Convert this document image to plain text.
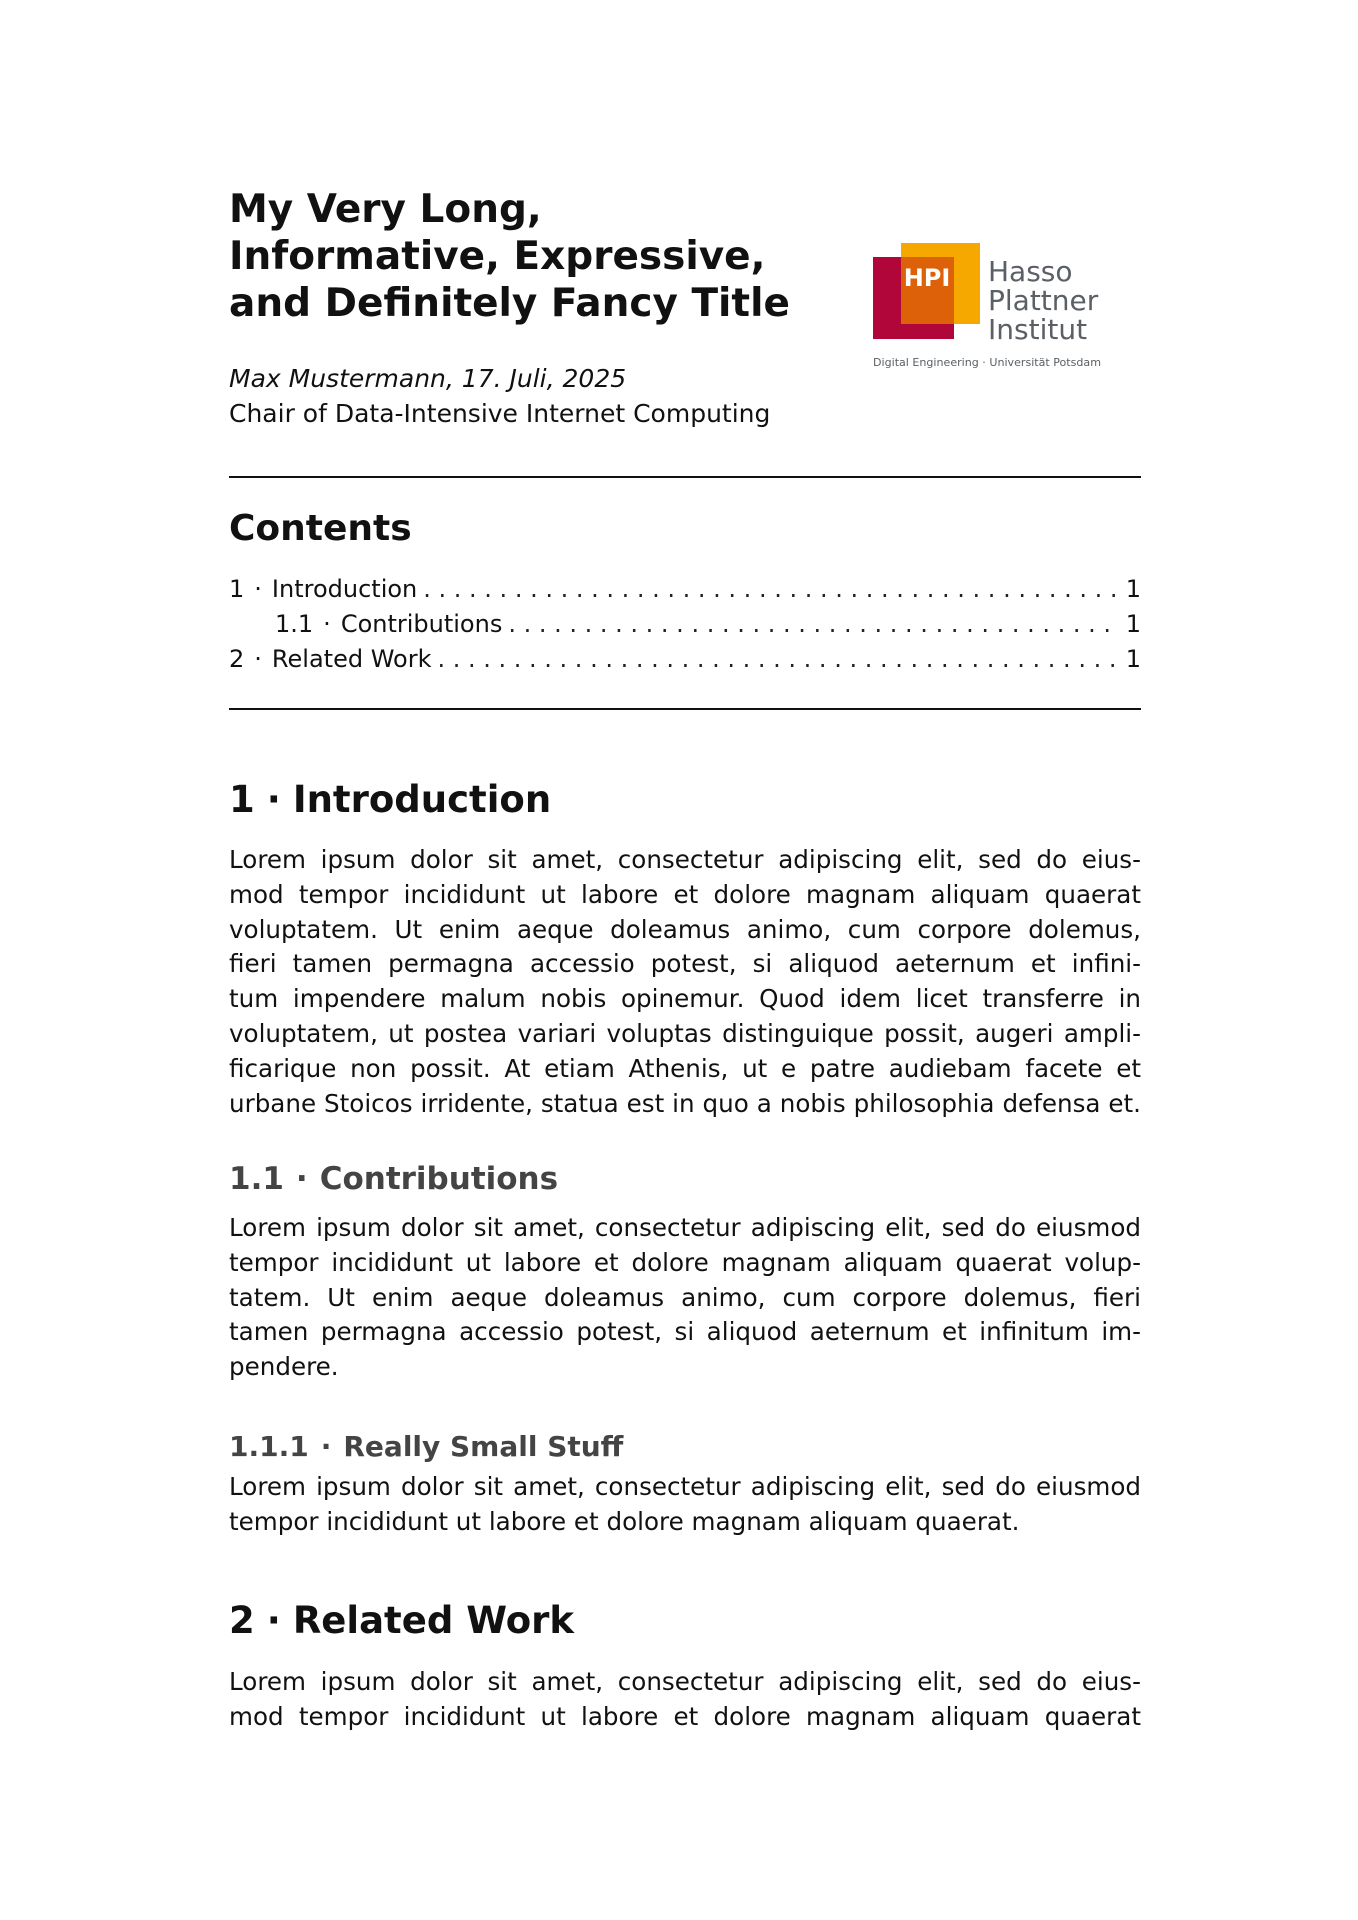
My Very Long,
Informative, Expressive,
and Definitely Fancy Title
Max Mustermann, 17. Juli, 2025
Chair of Data-Intensive Internet Computing
HPI Hasso
Plattner
Institut
Digital Engineering · Universität Potsdam
Contents
1 · Introduction . . .	1
1.1 · Contributions . . .	1
2 · Related Work . . .	1
1 · Introduction

Lorem ipsum dolor sit amet, consectetur adipiscing elit, sed do eius-
mod tempor incididunt ut labore et dolore magnam aliquam quaerat
voluptatem. Ut enim aeque doleamus animo, cum corpore dolemus,
fieri tamen permagna accessio potest, si aliquod aeternum et infini-
tum impendere malum nobis opinemur. Quod idem licet transferre in
voluptatem, ut postea variari voluptas distinguique possit, augeri ampli-
ficarique non possit. At etiam Athenis, ut e patre audiebam facete et
urbane Stoicos irridente, statua est in quo a nobis philosophia defensa et.

1.1 · Contributions

Lorem ipsum dolor sit amet, consectetur adipiscing elit, sed do eiusmod
tempor incididunt ut labore et dolore magnam aliquam quaerat volup-
tatem. Ut enim aeque doleamus animo, cum corpore dolemus, fieri
tamen permagna accessio potest, si aliquod aeternum et infinitum im-
pendere.

1.1.1 · Really Small Stuff

Lorem ipsum dolor sit amet, consectetur adipiscing elit, sed do eiusmod
tempor incididunt ut labore et dolore magnam aliquam quaerat.

2 · Related Work

Lorem ipsum dolor sit amet, consectetur adipiscing elit, sed do eius-
mod tempor incididunt ut labore et dolore magnam aliquam quaerat
